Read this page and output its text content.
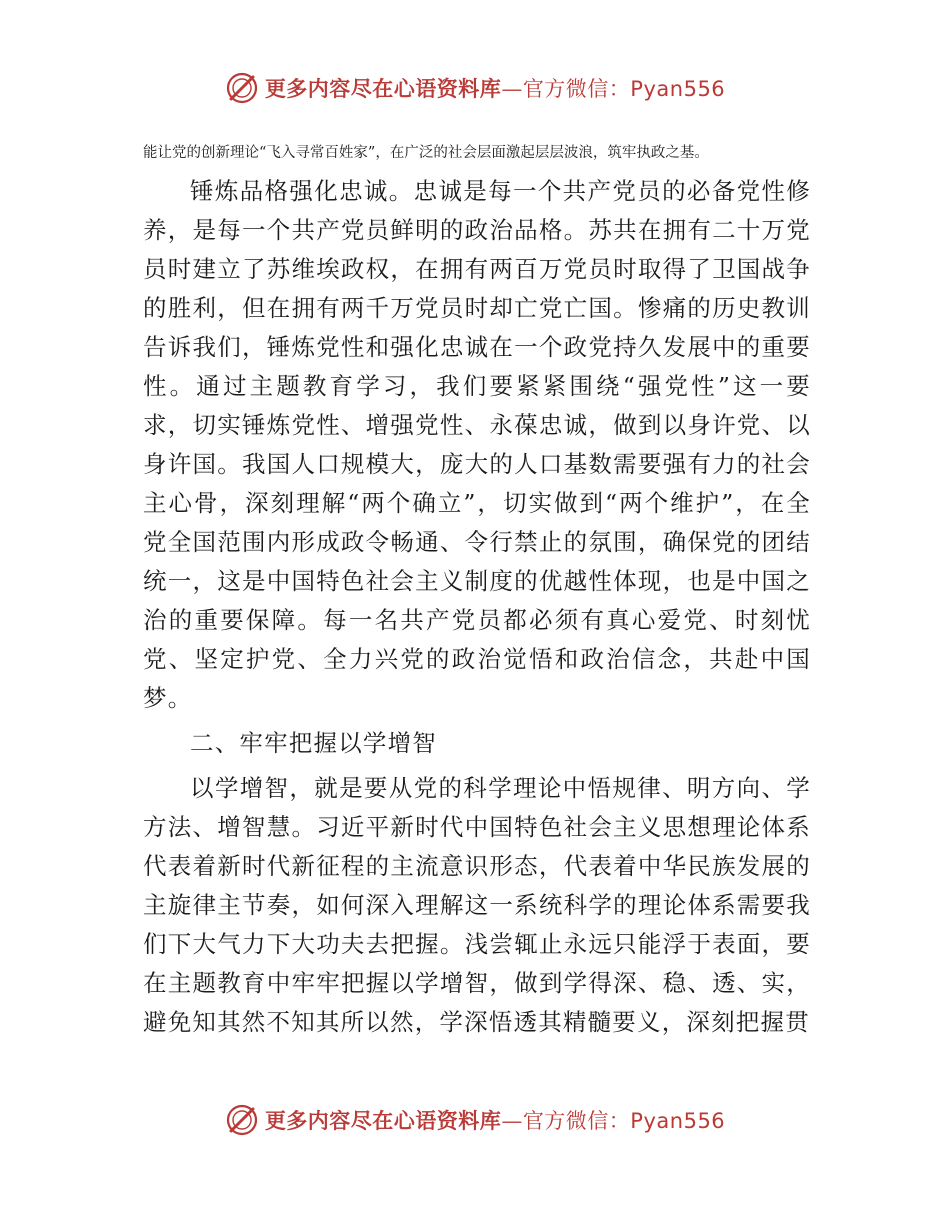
更多内容尽在心语资料库—官方微信：Pyan556
能让党的创新理论“飞入寻常百姓家”，在广泛的社会层面激起层层波浪，筑牢执政之基。

锤炼品格强化忠诚。忠诚是每一个共产党员的必备党性修养，是每一个共产党员鲜明的政治品格。苏共在拥有二十万党员时建立了苏维埃政权，在拥有两百万党员时取得了卫国战争的胜利，但在拥有两千万党员时却亡党亡国。惨痛的历史教训告诉我们，锤炼党性和强化忠诚在一个政党持久发展中的重要性。通过主题教育学习，我们要紧紧围绕“强党性”这一要求，切实锤炼党性、增强党性、永葆忠诚，做到以身许党、以身许国。我国人口规模大，庞大的人口基数需要强有力的社会主心骨，深刻理解“两个确立”，切实做到“两个维护”，在全党全国范围内形成政令畅通、令行禁止的氛围，确保党的团结统一，这是中国特色社会主义制度的优越性体现，也是中国之治的重要保障。每一名共产党员都必须有真心爱党、时刻忧党、坚定护党、全力兴党的政治觉悟和政治信念，共赴中国梦。

二、牢牢把握以学增智

以学增智，就是要从党的科学理论中悟规律、明方向、学方法、增智慧。习近平新时代中国特色社会主义思想理论体系代表着新时代新征程的主流意识形态，代表着中华民族发展的主旋律主节奏，如何深入理解这一系统科学的理论体系需要我们下大气力下大功夫去把握。浅尝辄止永远只能浮于表面，要在主题教育中牢牢把握以学增智，做到学得深、稳、透、实，避免知其然不知其所以然，学深悟透其精髓要义，深刻把握贯

更多内容尽在心语资料库—官方微信：Pyan556
